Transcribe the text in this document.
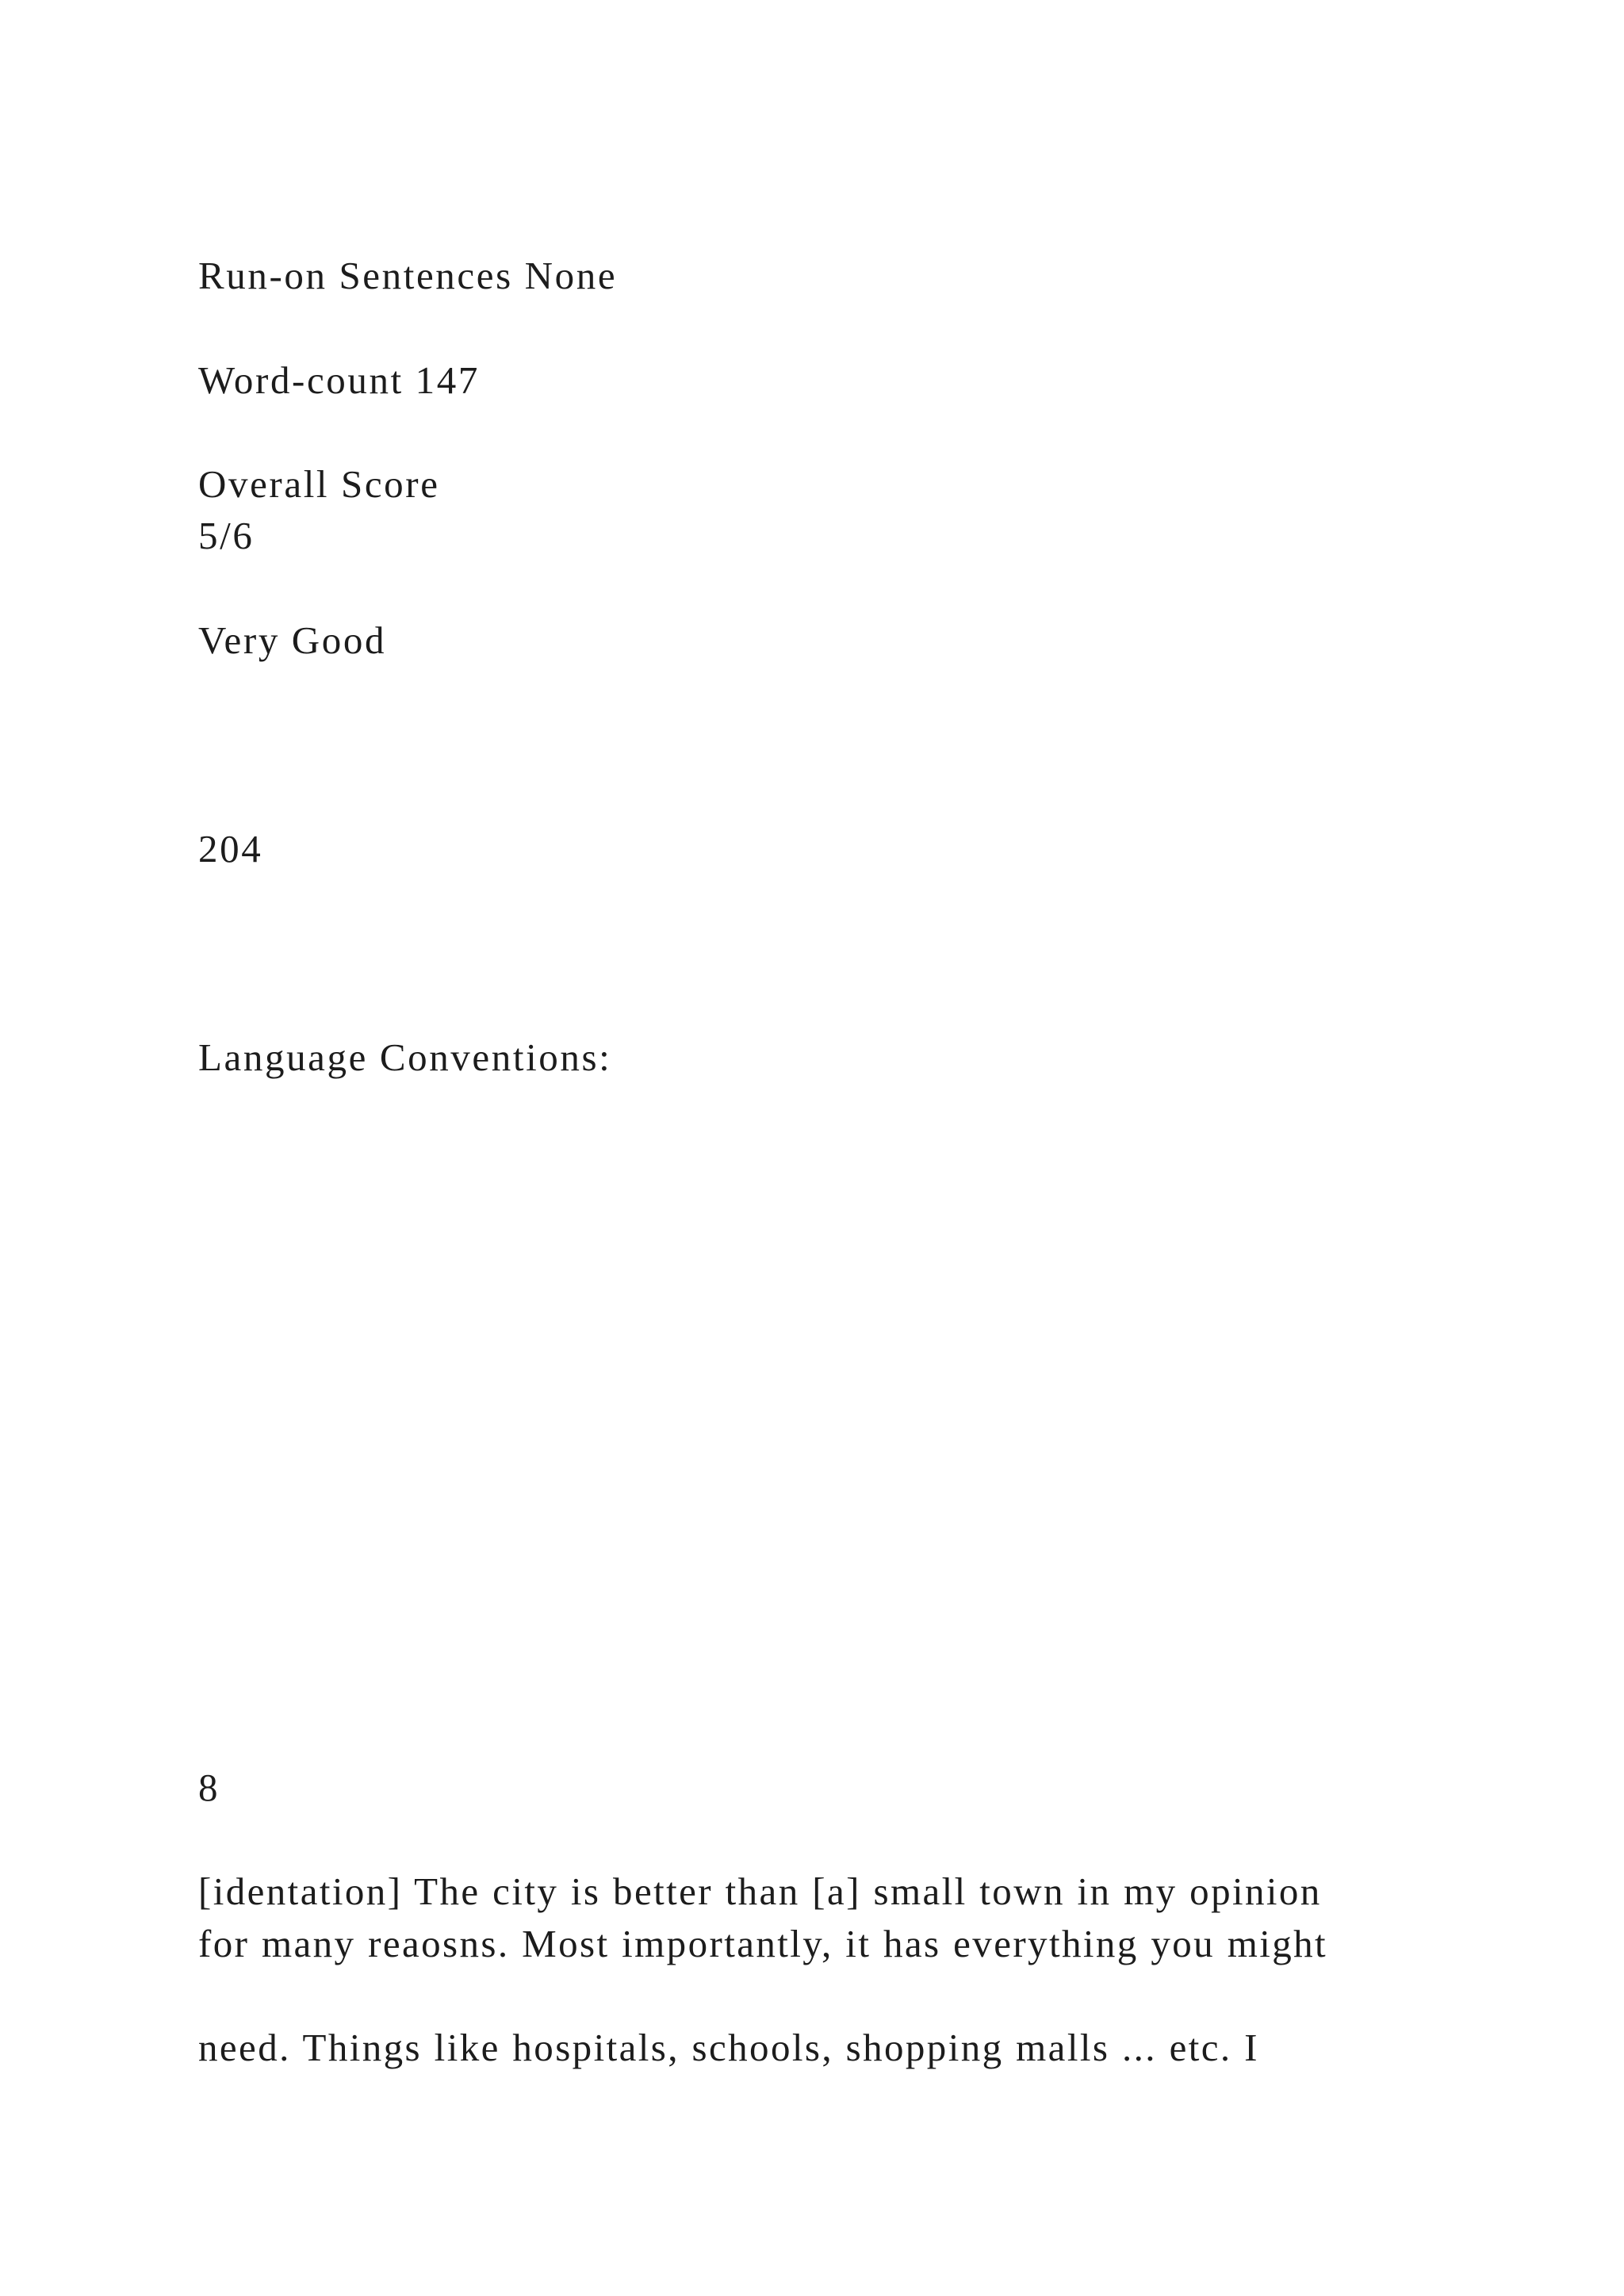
Run-on Sentences None

Word-count 147

Overall Score

5/6

Very Good

204

Language Conventions:

8

[identation] The city is better than [a] small town in my opinion

for many reaosns. Most importantly, it has everything you might

need. Things like hospitals, schools, shopping malls ... etc. I
